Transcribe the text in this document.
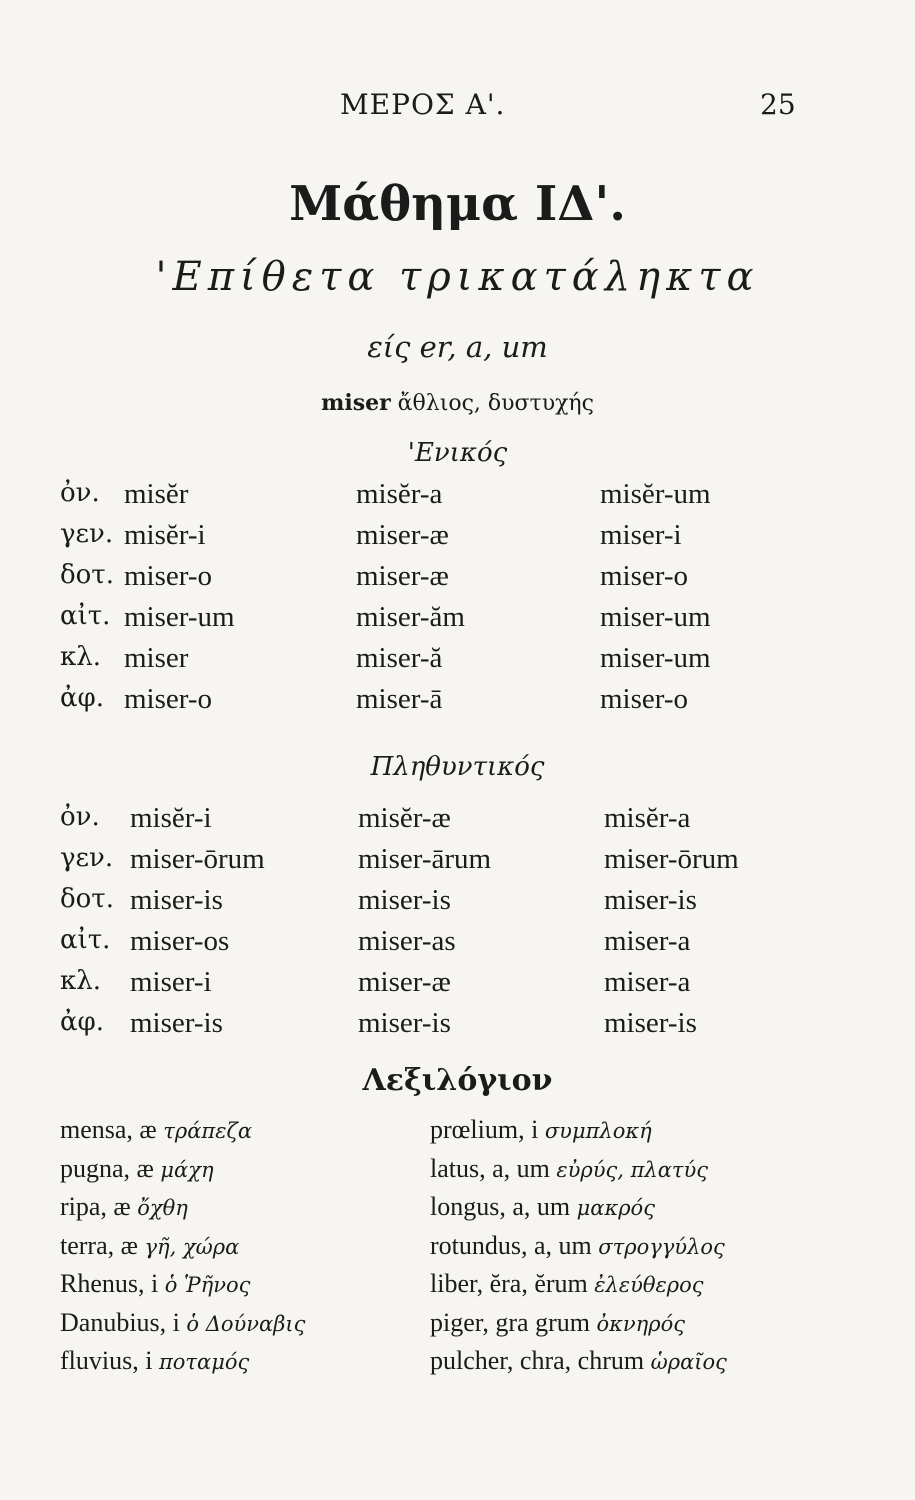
ΜΕΡΟΣ Α'.	25
Μάθημα ΙΔ'.
'Επίθετα τρικατάληκτα
είς er, a, um
miser ἄθλιος, δυστυχής
'Ενικός
ὀν. misĕr	misĕr-a	misĕr-um
γεν. misĕr-i	miser-æ	miser-i
δοτ. miser-o	miser-æ	miser-o
αἰτ. miser-um	miser-ăm	miser-um
κλ. miser	miser-ă	miser-um
ἀφ. miser-o	miser-ā	miser-o
Πληθυντικός
ὀν. misĕr-i	misĕr-æ	misĕr-a
γεν. miser-ōrum	miser-ārum	miser-ōrum
δοτ. miser-is	miser-is	miser-is
αἰτ. miser-os	miser-as	miser-a
κλ. miser-i	miser-æ	miser-a
ἀφ. miser-is	miser-is	miser-is
Λεξιλόγιον
mensa, æ τράπεζα
pugna, æ μάχη
ripa, æ ὄχθη
terra, æ γῆ, χώρα
Rhenus, i ὁ Ῥῆνος
Danubius, i ὁ Δούναβις
fluvius, i ποταμός
prœlium, i συμπλοκή
latus, a, um εὐρύς, πλατύς
longus, a, um μακρός
rotundus, a, um στρογγύλος
liber, ĕra, ĕrum ἐλεύθερος
piger, gra grum ὀκνηρός
pulcher, chra, chrum ὡραῖος
